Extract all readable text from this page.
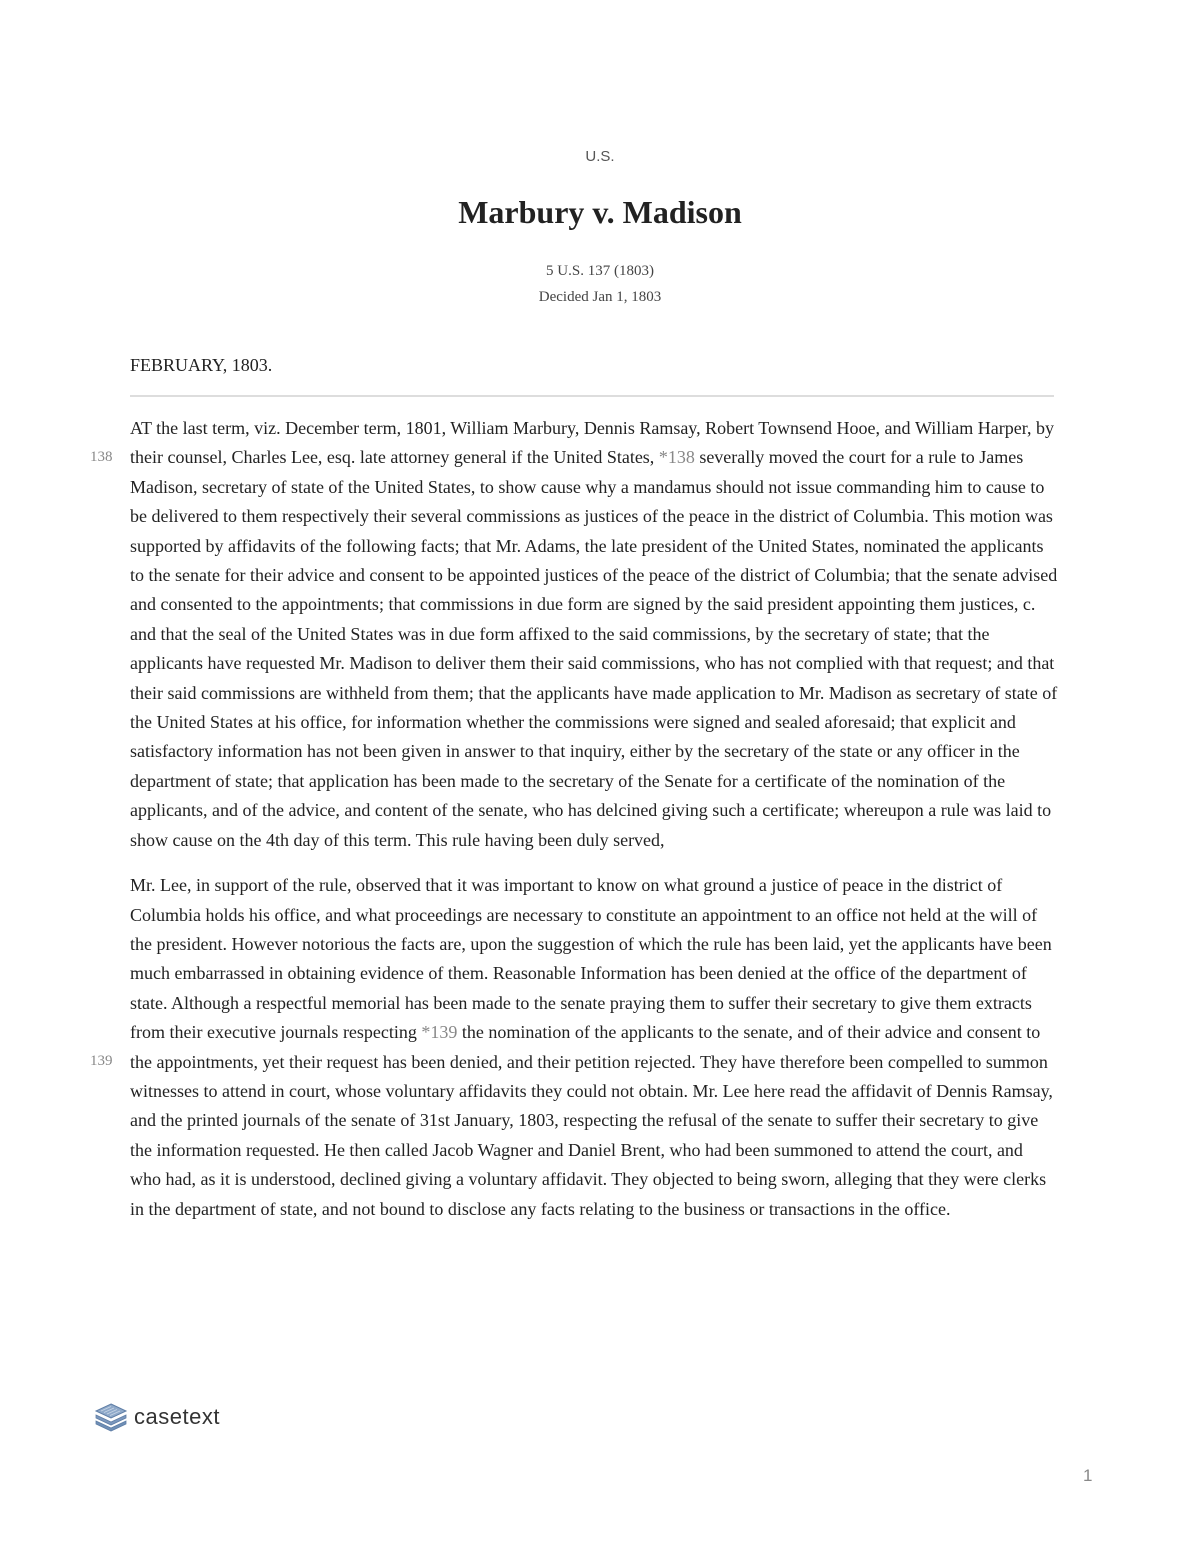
U.S.
Marbury v. Madison
5 U.S. 137 (1803)
Decided Jan 1, 1803
FEBRUARY, 1803.

AT the last term, viz. December term, 1801, William Marbury, Dennis Ramsay, Robert Townsend Hooe, and
138
William Harper, by their counsel, Charles Lee, esq. late attorney general if the United States, *138 severally moved the court for a rule to James Madison, secretary of state of the United States, to show cause why a mandamus should not issue commanding him to cause to be delivered to them respectively their several commissions as justices of the peace in the district of Columbia. This motion was supported by affidavits of the following facts; that Mr. Adams, the late president of the United States, nominated the applicants to the senate for their advice and consent to be appointed justices of the peace of the district of Columbia; that the senate advised and consented to the appointments; that commissions in due form are signed by the said president appointing them justices, c. and that the seal of the United States was in due form affixed to the said commissions, by the secretary of state; that the applicants have requested Mr. Madison to deliver them their said commissions, who has not complied with that request; and that their said commissions are withheld from them; that the applicants have made application to Mr. Madison as secretary of state of the United States at his office, for information whether the commissions were signed and sealed aforesaid; that explicit and satisfactory information has not been given in answer to that inquiry, either by the secretary of the state or any officer in the department of state; that application has been made to the secretary of the Senate for a certificate of the nomination of the applicants, and of the advice, and content of the senate, who has delcined giving such a certificate; whereupon a rule was laid to show cause on the 4th day of this term. This rule having been duly served,

Mr. Lee, in support of the rule, observed that it was important to know on what ground a justice of peace in the district of Columbia holds his office, and what proceedings are necessary to constitute an appointment to an office not held at the will of the president. However notorious the facts are, upon the suggestion of which the rule has been laid, yet the applicants have been much embarrassed in obtaining evidence of them. Reasonable Information has been denied at the office of the department of state. Although a respectful memorial has been made to the senate praying them to suffer their secretary to give them extracts from their executive journals
139
respecting *139 the nomination of the applicants to the senate, and of their advice and consent to the appointments, yet their request has been denied, and their petition rejected. They have therefore been compelled to summon witnesses to attend in court, whose voluntary affidavits they could not obtain. Mr. Lee here read the affidavit of Dennis Ramsay, and the printed journals of the senate of 31st January, 1803, respecting the refusal of the senate to suffer their secretary to give the information requested. He then called Jacob Wagner and Daniel Brent, who had been summoned to attend the court, and who had, as it is understood, declined giving a voluntary affidavit. They objected to being sworn, alleging that they were clerks in the department of state, and not bound to disclose any facts relating to the business or transactions in the office.

casetext
1
